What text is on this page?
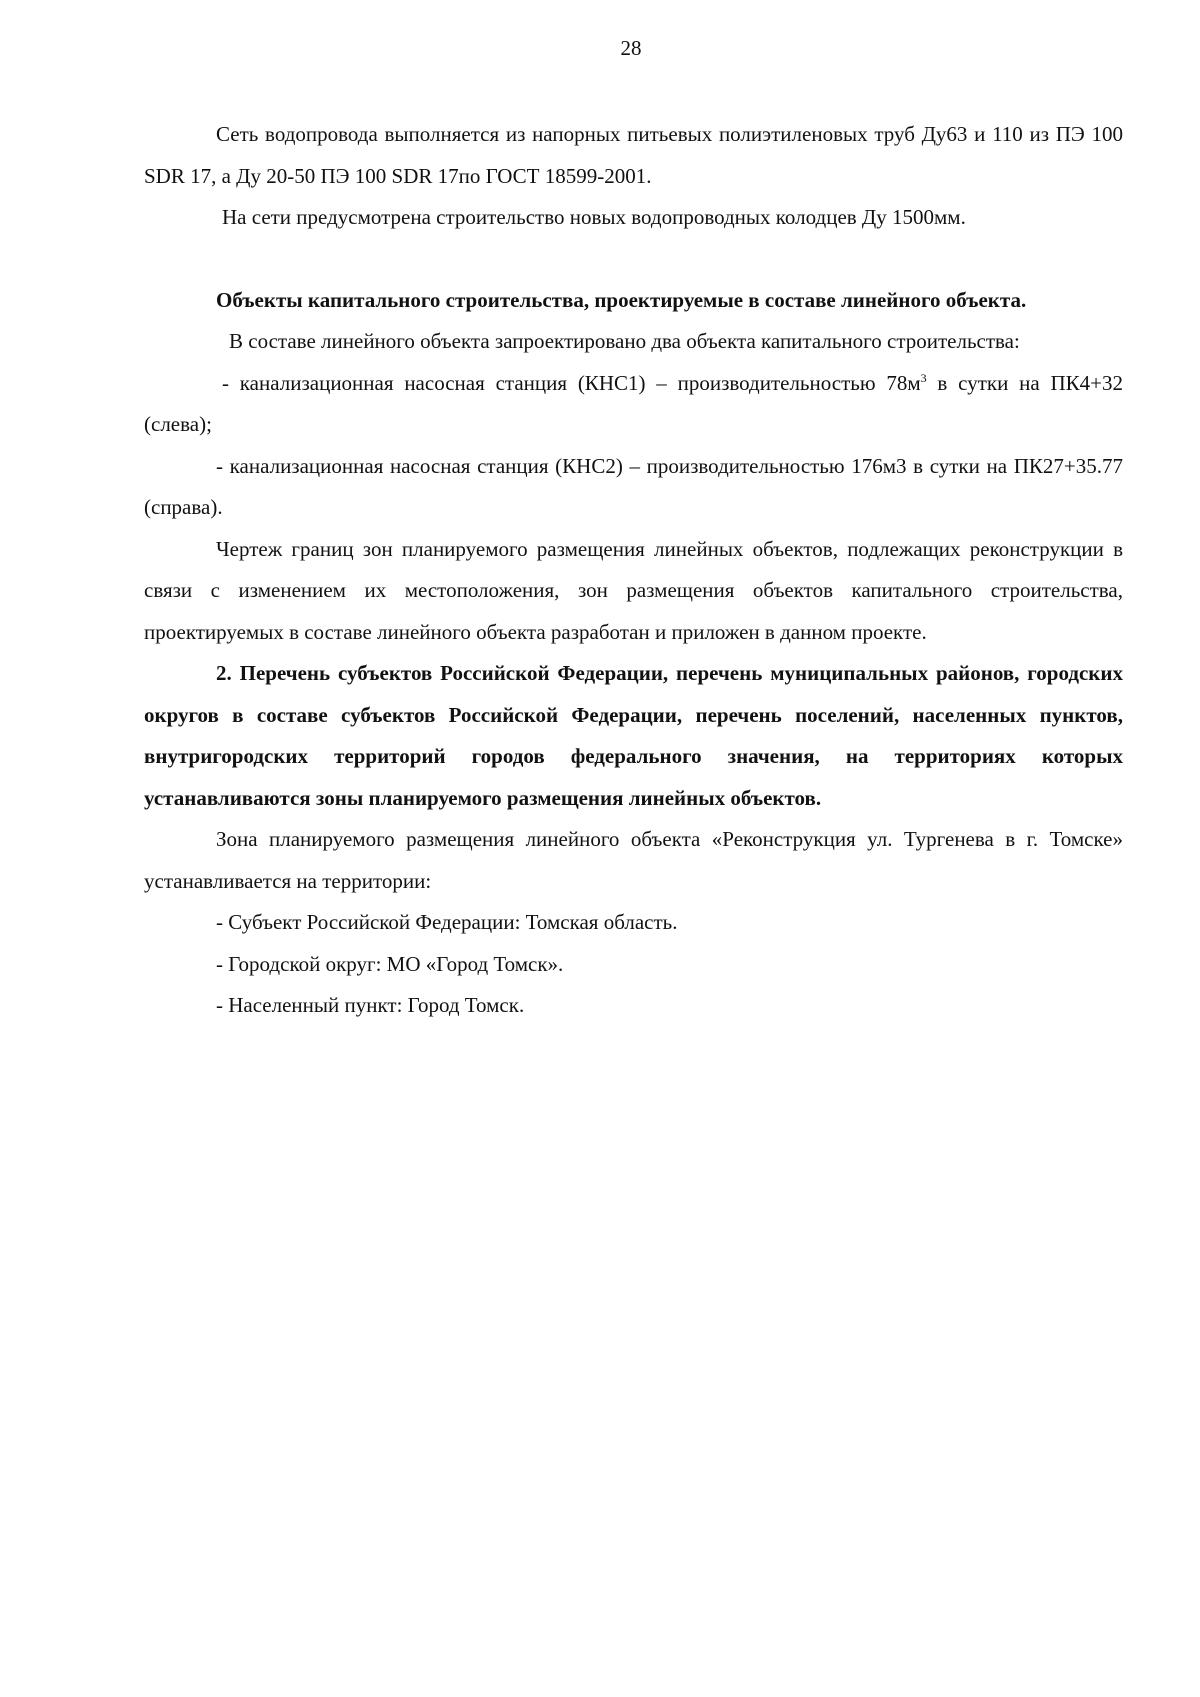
28

Сеть водопровода выполняется из напорных питьевых полиэтиленовых труб Ду63 и 110 из ПЭ 100 SDR 17, а Ду 20-50 ПЭ 100 SDR 17по ГОСТ 18599-2001.

На сети предусмотрена строительство новых водопроводных колодцев Ду 1500мм.

Объекты капитального строительства, проектируемые в составе линейного объекта.

В составе линейного объекта запроектировано два объекта капитального строительства:

- канализационная насосная станция (КНС1) – производительностью $78м^3$ в сутки на ПК4+32 (слева);

- канализационная насосная станция (КНС2) – производительностью 176м3 в сутки на ПК27+35.77 (справа).

Чертеж границ зон планируемого размещения линейных объектов, подлежащих реконструкции в связи с изменением их местоположения, зон размещения объектов капитального строительства, проектируемых в составе линейного объекта разработан и приложен в данном проекте.

2. Перечень субъектов Российской Федерации, перечень муниципальных районов, городских округов в составе субъектов Российской Федерации, перечень поселений, населенных пунктов, внутригородских территорий городов федерального значения, на территориях которых устанавливаются зоны планируемого размещения линейных объектов.

Зона планируемого размещения линейного объекта «Реконструкция ул. Тургенева в г. Томске» устанавливается на территории:

- Субъект Российской Федерации: Томская область.

- Городской округ: МО «Город Томск».

- Населенный пункт: Город Томск.
